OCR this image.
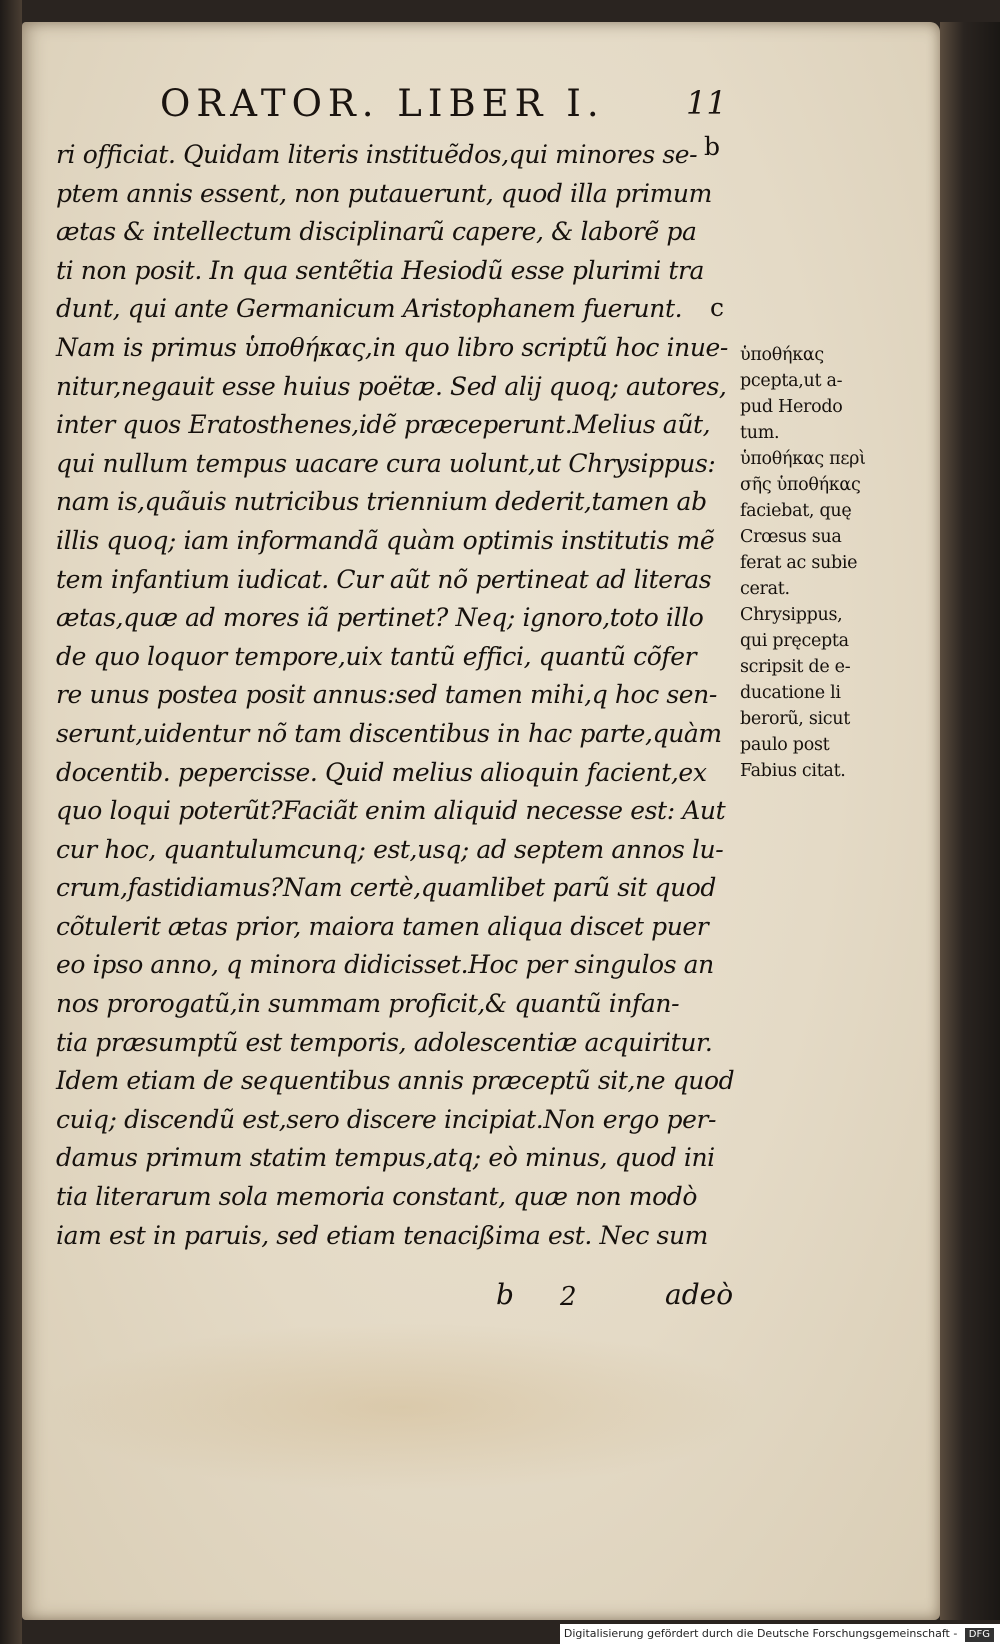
ORATOR. LIBER I.	11
b
c
ri officiat. Quidam literis instituẽdos,qui minores se-
ptem annis essent, non putauerunt, quod illa primum
ætas & intellectum disciplinarũ capere, & laborẽ pa
ti non posit. In qua sentẽtia Hesiodũ esse plurimi tra
dunt, qui ante Germanicum Aristophanem fuerunt.
Nam is primus ὑποθήκας,in quo libro scriptũ hoc inue-
nitur,negauit esse huius poëtæ. Sed alij quoq; autores,
inter quos Eratosthenes,idẽ præceperunt.Melius aũt,
qui nullum tempus uacare cura uolunt,ut Chrysippus:
nam is,quãuis nutricibus triennium dederit,tamen ab
illis quoq; iam informandã quàm optimis institutis mẽ
tem infantium iudicat. Cur aũt nõ pertineat ad literas
ætas,quæ ad mores iã pertinet? Neq; ignoro,toto illo
de quo loquor tempore,uix tantũ effici, quantũ cõfer
re unus postea posit annus:sed tamen mihi,q hoc sen-
serunt,uidentur nõ tam discentibus in hac parte,quàm
docentib. pepercisse. Quid melius alioquin facient,ex
quo loqui poterũt?Faciãt enim aliquid necesse est: Aut
cur hoc, quantulumcunq; est,usq; ad septem annos lu-
crum,fastidiamus?Nam certè,quamlibet parũ sit quod
cõtulerit ætas prior, maiora tamen aliqua discet puer
eo ipso anno, q minora didicisset.Hoc per singulos an
nos prorogatũ,in summam proficit,& quantũ infan-
tia præsumptũ est temporis, adolescentiæ acquiritur.
Idem etiam de sequentibus annis præceptũ sit,ne quod
cuiq; discendũ est,sero discere incipiat.Non ergo per-
damus primum statim tempus,atq; eò minus, quod ini
tia literarum sola memoria constant, quæ non modò
iam est in paruis, sed etiam tenacißima est. Nec sum
ὑποθήκας
pcepta,ut a-
pud Herodo
tum.
ὑποθήκας περὶ
σῆς ὑποθήκας
faciebat, quę
Crœsus sua
ferat ac subie
cerat.
Chrysippus,
qui pręcepta
scripsit de e-
ducatione li
berorũ, sicut
paulo post
Fabius citat.
b 2	adeò
Digitalisierung gefördert durch die Deutsche Forschungsgemeinschaft - DFG
